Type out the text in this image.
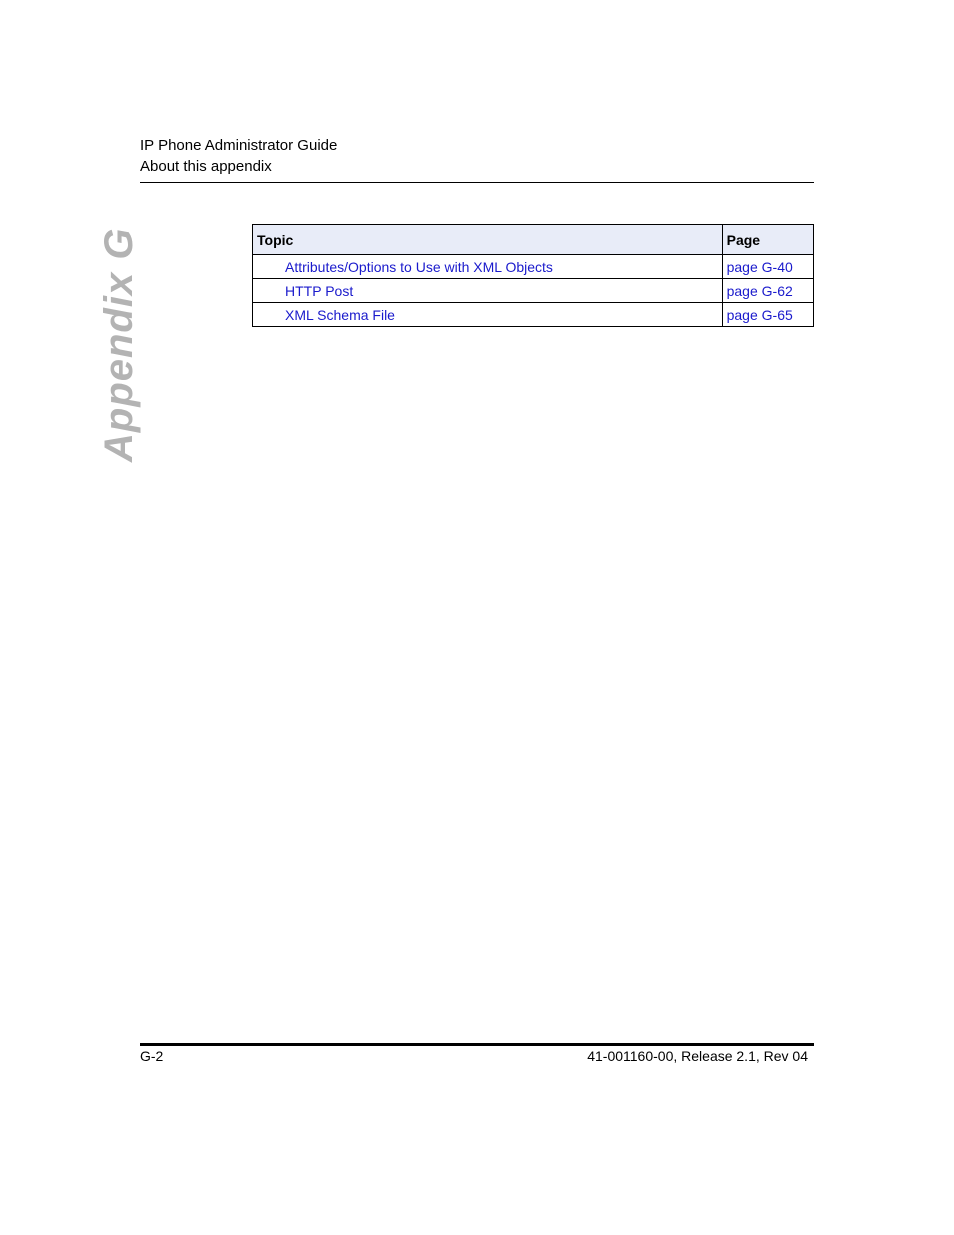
IP Phone Administrator Guide
About this appendix
Appendix G	Topic	Page
Attributes/Options to Use with XML Objects	page G-40
HTTP Post	page G-62
XML Schema File	page G-65
G-2	41-001160-00, Release 2.1, Rev 04
